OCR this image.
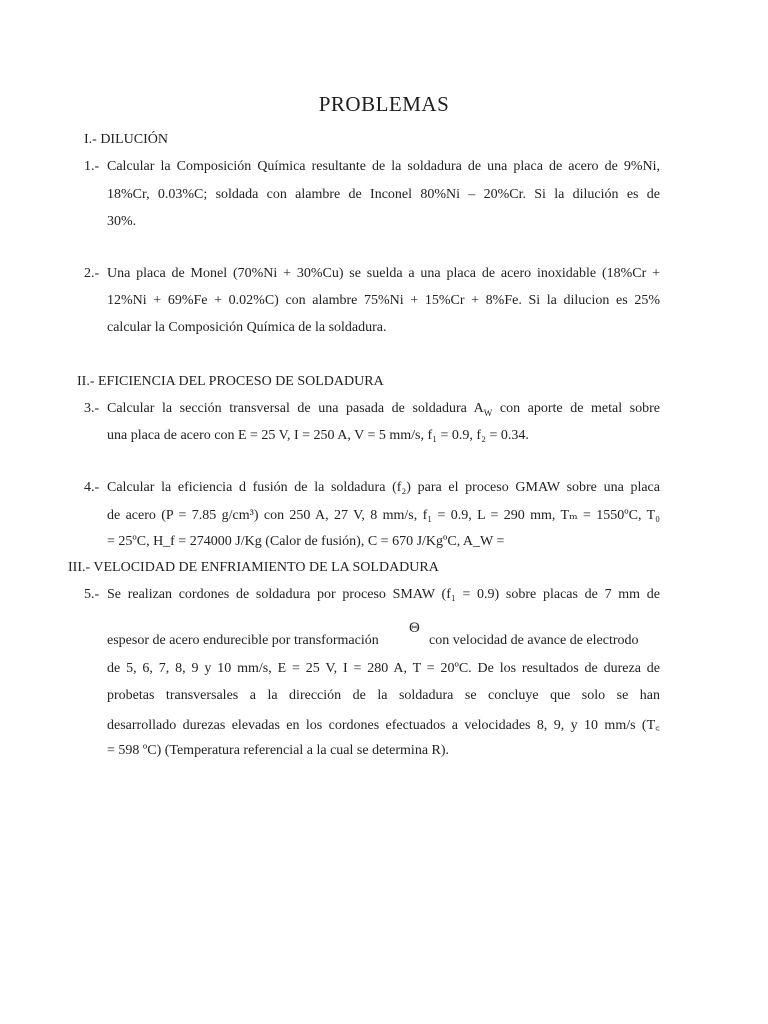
PROBLEMAS
I.- DILUCIÓN
1.- Calcular la Composición Química resultante de la soldadura de una placa de acero de 9%Ni,
18%Cr, 0.03%C; soldada con alambre de Inconel 80%Ni – 20%Cr. Si la dilución es de
30%.
2.- Una placa de Monel (70%Ni + 30%Cu) se suelda a una placa de acero inoxidable (18%Cr +
12%Ni + 69%Fe + 0.02%C) con alambre 75%Ni + 15%Cr + 8%Fe. Si la dilucion es 25%
calcular la Composición Química de la soldadura.
II.- EFICIENCIA DEL PROCESO DE SOLDADURA
3.- Calcular la sección transversal de una pasada de soldadura $A_W$ con aporte de metal sobre
una placa de acero con E = 25 V, I = 250 A, V = 5 mm/s, f₁ = 0.9, f₂ = 0.34.
4.- Calcular la eficiencia d fusión de la soldadura (f₂) para el proceso GMAW sobre una placa
de acero (P = 7.85 g/cm³) con 250 A, 27 V, 8 mm/s, f₁ = 0.9, L = 290 mm, Tₘ = 1550ºC, T₀
= 25ºC, H_f = 274000 J/Kg (Calor de fusión), C = 670 J/KgºC, A_W =
III.- VELOCIDAD DE ENFRIAMIENTO DE LA SOLDADURA
5.- Se realizan cordones de soldadura por proceso SMAW (f₁ = 0.9) sobre placas de 7 mm de
Θ
espesor de acero endurecible por transformación	con velocidad de avance de electrodo
de 5, 6, 7, 8, 9 y 10 mm/s, E = 25 V, I = 280 A, T = 20ºC. De los resultados de dureza de
probetas transversales a la dirección de la soldadura se concluye que solo se han
desarrollado durezas elevadas en los cordones efectuados a velocidades 8, 9, y 10 mm/s (T꜀
= 598 ºC) (Temperatura referencial a la cual se determina R).
